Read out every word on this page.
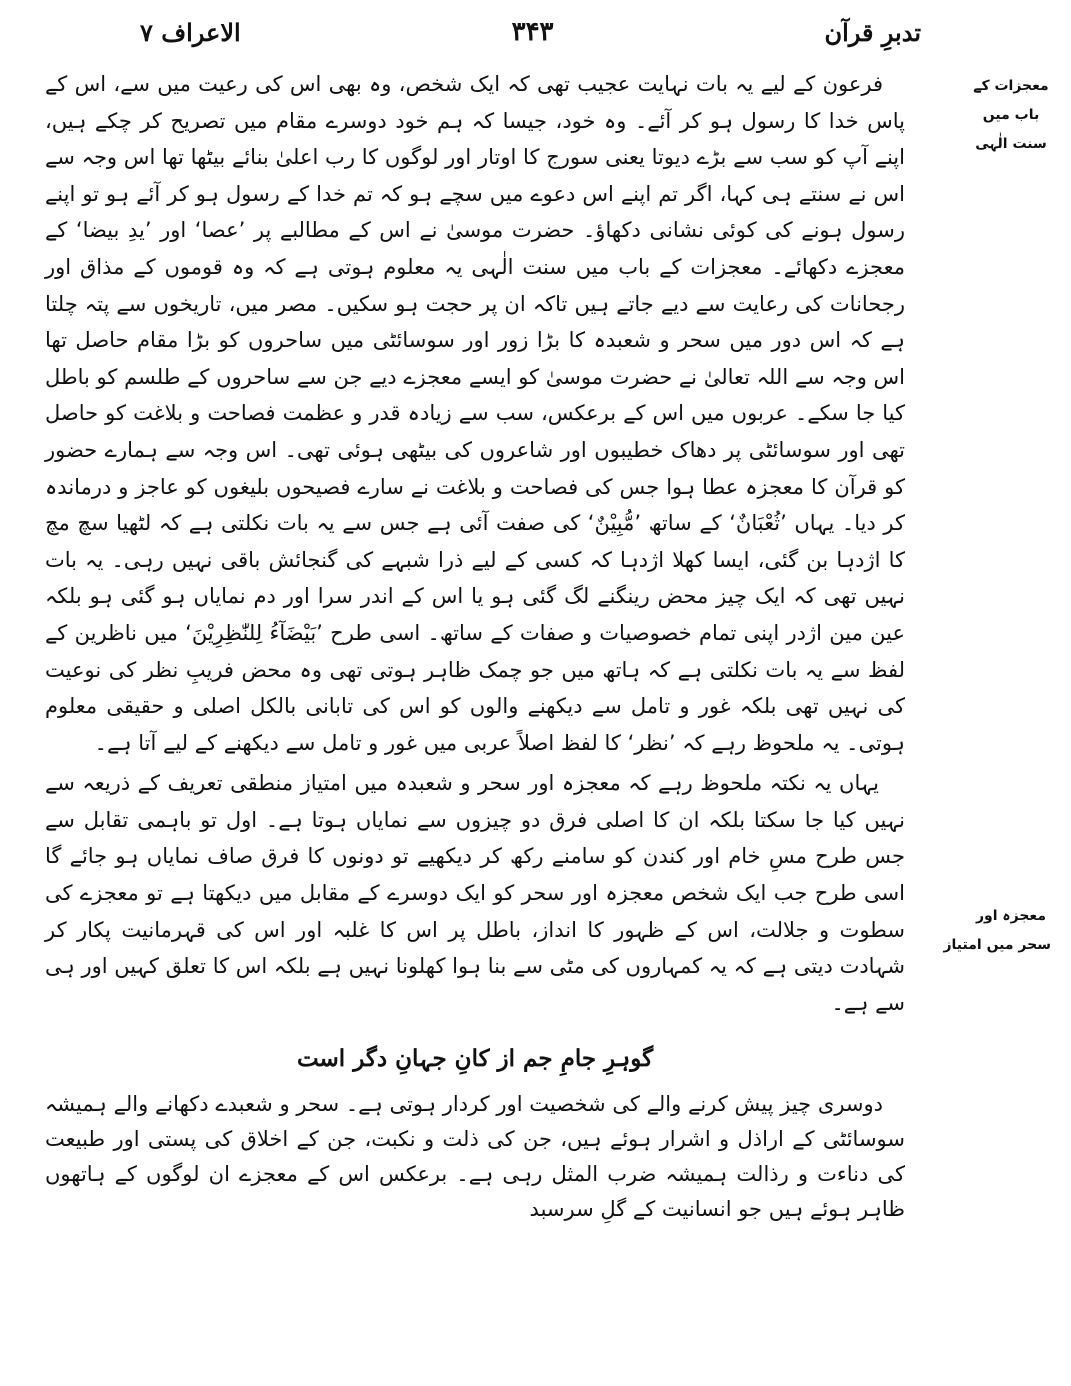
الاعراف ۷	۳۴۳	تدبرِ قرآن
معجزات کے
باب میں
سنت الٰہی
معجزہ اور
سحر میں امتیاز

فرعون کے لیے یہ بات نہایت عجیب تھی کہ ایک شخص، وہ بھی اس کی رعیت میں سے، اس کے پاس خدا کا رسول ہو کر آئے۔ وہ خود، جیسا کہ ہم خود دوسرے مقام میں تصریح کر چکے ہیں، اپنے آپ کو سب سے بڑے دیوتا یعنی سورج کا اوتار اور لوگوں کا رب اعلیٰ بنائے بیٹھا تھا اس وجہ سے اس نے سنتے ہی کہا، اگر تم اپنے اس دعوے میں سچے ہو کہ تم خدا کے رسول ہو کر آئے ہو تو اپنے رسول ہونے کی کوئی نشانی دکھاؤ۔ حضرت موسیٰ نے اس کے مطالبے پر ’عصا‘ اور ’یدِ بیضا‘ کے معجزے دکھائے۔ معجزات کے باب میں سنت الٰہی یہ معلوم ہوتی ہے کہ وہ قوموں کے مذاق اور رجحانات کی رعایت سے دیے جاتے ہیں تاکہ ان پر حجت ہو سکیں۔ مصر میں، تاریخوں سے پتہ چلتا ہے کہ اس دور میں سحر و شعبدہ کا بڑا زور اور سوسائٹی میں ساحروں کو بڑا مقام حاصل تھا اس وجہ سے اللہ تعالیٰ نے حضرت موسیٰ کو ایسے معجزے دیے جن سے ساحروں کے طلسم کو باطل کیا جا سکے۔ عربوں میں اس کے برعکس، سب سے زیادہ قدر و عظمت فصاحت و بلاغت کو حاصل تھی اور سوسائٹی پر دھاک خطیبوں اور شاعروں کی بیٹھی ہوئی تھی۔ اس وجہ سے ہمارے حضور کو قرآن کا معجزہ عطا ہوا جس کی فصاحت و بلاغت نے سارے فصیحوں بلیغوں کو عاجز و درماندہ کر دیا۔ یہاں ’ثُعْبَانٌ‘ کے ساتھ ’مُّبِیْنٌ‘ کی صفت آئی ہے جس سے یہ بات نکلتی ہے کہ لٹھیا سچ مچ کا اژدہا بن گئی، ایسا کھلا اژدہا کہ کسی کے لیے ذرا شبہے کی گنجائش باقی نہیں رہی۔ یہ بات نہیں تھی کہ ایک چیز محض رینگنے لگ گئی ہو یا اس کے اندر سرا اور دم نمایاں ہو گئی ہو بلکہ عین مین اژدر اپنی تمام خصوصیات و صفات کے ساتھ۔ اسی طرح ’بَیْضَآءُ لِلنّٰظِرِیْنَ‘ میں ناظرین کے لفظ سے یہ بات نکلتی ہے کہ ہاتھ میں جو چمک ظاہر ہوتی تھی وہ محض فریبِ نظر کی نوعیت کی نہیں تھی بلکہ غور و تامل سے دیکھنے والوں کو اس کی تابانی بالکل اصلی و حقیقی معلوم ہوتی۔ یہ ملحوظ رہے کہ ’نظر‘ کا لفظ اصلاً عربی میں غور و تامل سے دیکھنے کے لیے آتا ہے۔

یہاں یہ نکتہ ملحوظ رہے کہ معجزہ اور سحر و شعبدہ میں امتیاز منطقی تعریف کے ذریعہ سے نہیں کیا جا سکتا بلکہ ان کا اصلی فرق دو چیزوں سے نمایاں ہوتا ہے۔ اول تو باہمی تقابل سے جس طرح مسِ خام اور کندن کو سامنے رکھ کر دیکھیے تو دونوں کا فرق صاف نمایاں ہو جائے گا اسی طرح جب ایک شخص معجزہ اور سحر کو ایک دوسرے کے مقابل میں دیکھتا ہے تو معجزے کی سطوت و جلالت، اس کے ظہور کا انداز، باطل پر اس کا غلبہ اور اس کی قہرمانیت پکار کر شہادت دیتی ہے کہ یہ کمہاروں کی مٹی سے بنا ہوا کھلونا نہیں ہے بلکہ اس کا تعلق کہیں اور ہی سے ہے۔

گوہرِ جامِ جم از کانِ جہانِ دگر است

دوسری چیز پیش کرنے والے کی شخصیت اور کردار ہوتی ہے۔ سحر و شعبدے دکھانے والے ہمیشہ سوسائٹی کے اراذل و اشرار ہوئے ہیں، جن کی ذلت و نکبت، جن کے اخلاق کی پستی اور طبیعت کی دناءت و رذالت ہمیشہ ضرب المثل رہی ہے۔ برعکس اس کے معجزے ان لوگوں کے ہاتھوں ظاہر ہوئے ہیں جو انسانیت کے گلِ سرسبد
